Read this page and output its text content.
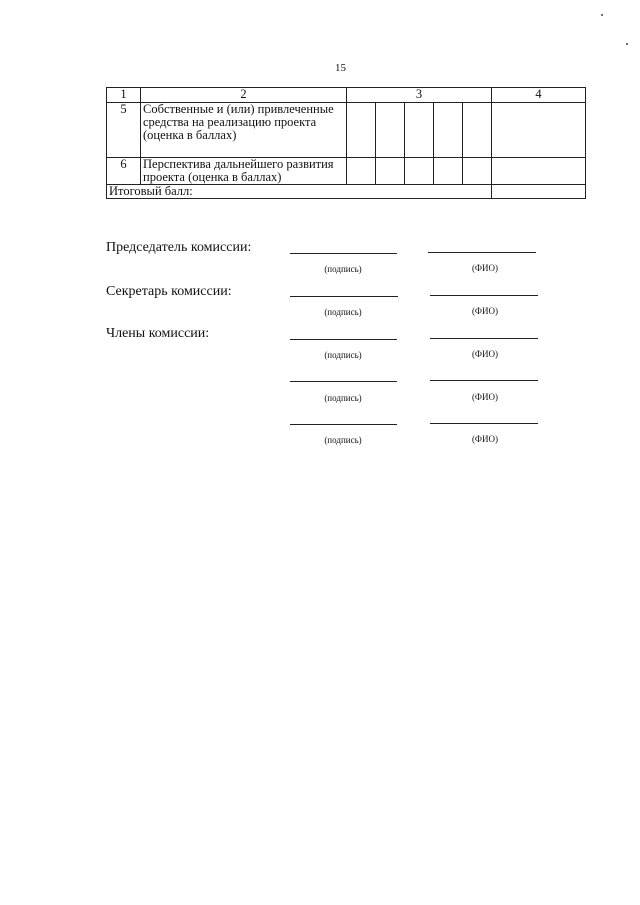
15
1	2	3					4
5	Собственные и (или) привлеченные средства на реализацию проекта (оценка в баллах)						
6	Перспектива дальнейшего развития проекта (оценка в баллах)						
Итоговый балл:							
Председатель комиссии:
(подпись)	(ФИО)
Секретарь комиссии:
(подпись)	(ФИО)
Члены комиссии:
(подпись)	(ФИО)
(подпись)	(ФИО)
(подпись)	(ФИО)
